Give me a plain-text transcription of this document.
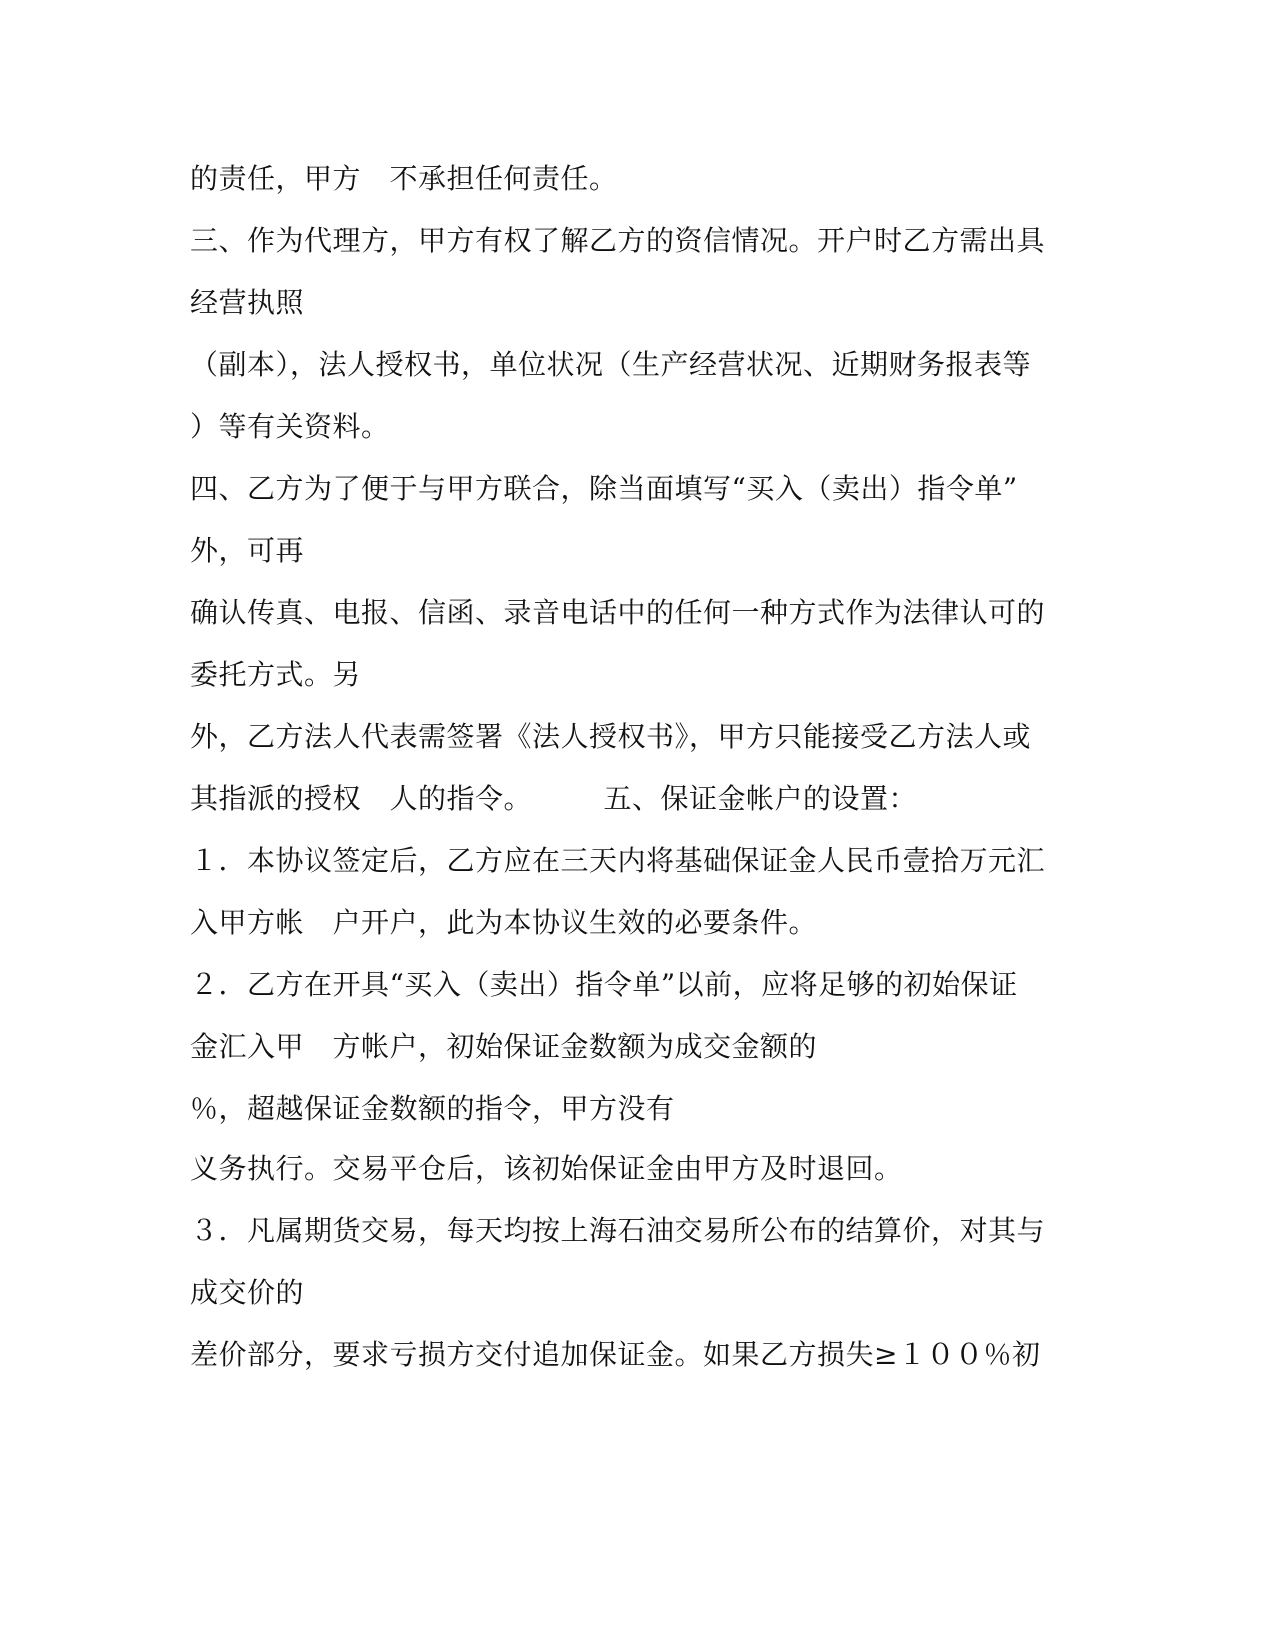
的责任，甲方　不承担任何责任。
三、作为代理方，甲方有权了解乙方的资信情况。开户时乙方需出具
经营执照
（副本），法人授权书，单位状况（生产经营状况、近期财务报表等
）等有关资料。
四、乙方为了便于与甲方联合，除当面填写“买入（卖出）指令单”
外，可再
确认传真、电报、信函、录音电话中的任何一种方式作为法律认可的
委托方式。另
外，乙方法人代表需签署《法人授权书》，甲方只能接受乙方法人或
其指派的授权　人的指令。　　　五、保证金帐户的设置：
１．本协议签定后，乙方应在三天内将基础保证金人民币壹拾万元汇
入甲方帐　户开户，此为本协议生效的必要条件。
２．乙方在开具“买入（卖出）指令单”以前，应将足够的初始保证
金汇入甲　方帐户，初始保证金数额为成交金额的
％，超越保证金数额的指令，甲方没有
义务执行。交易平仓后，该初始保证金由甲方及时退回。
３．凡属期货交易，每天均按上海石油交易所公布的结算价，对其与
成交价的
差价部分，要求亏损方交付追加保证金。如果乙方损失≥１００％初
